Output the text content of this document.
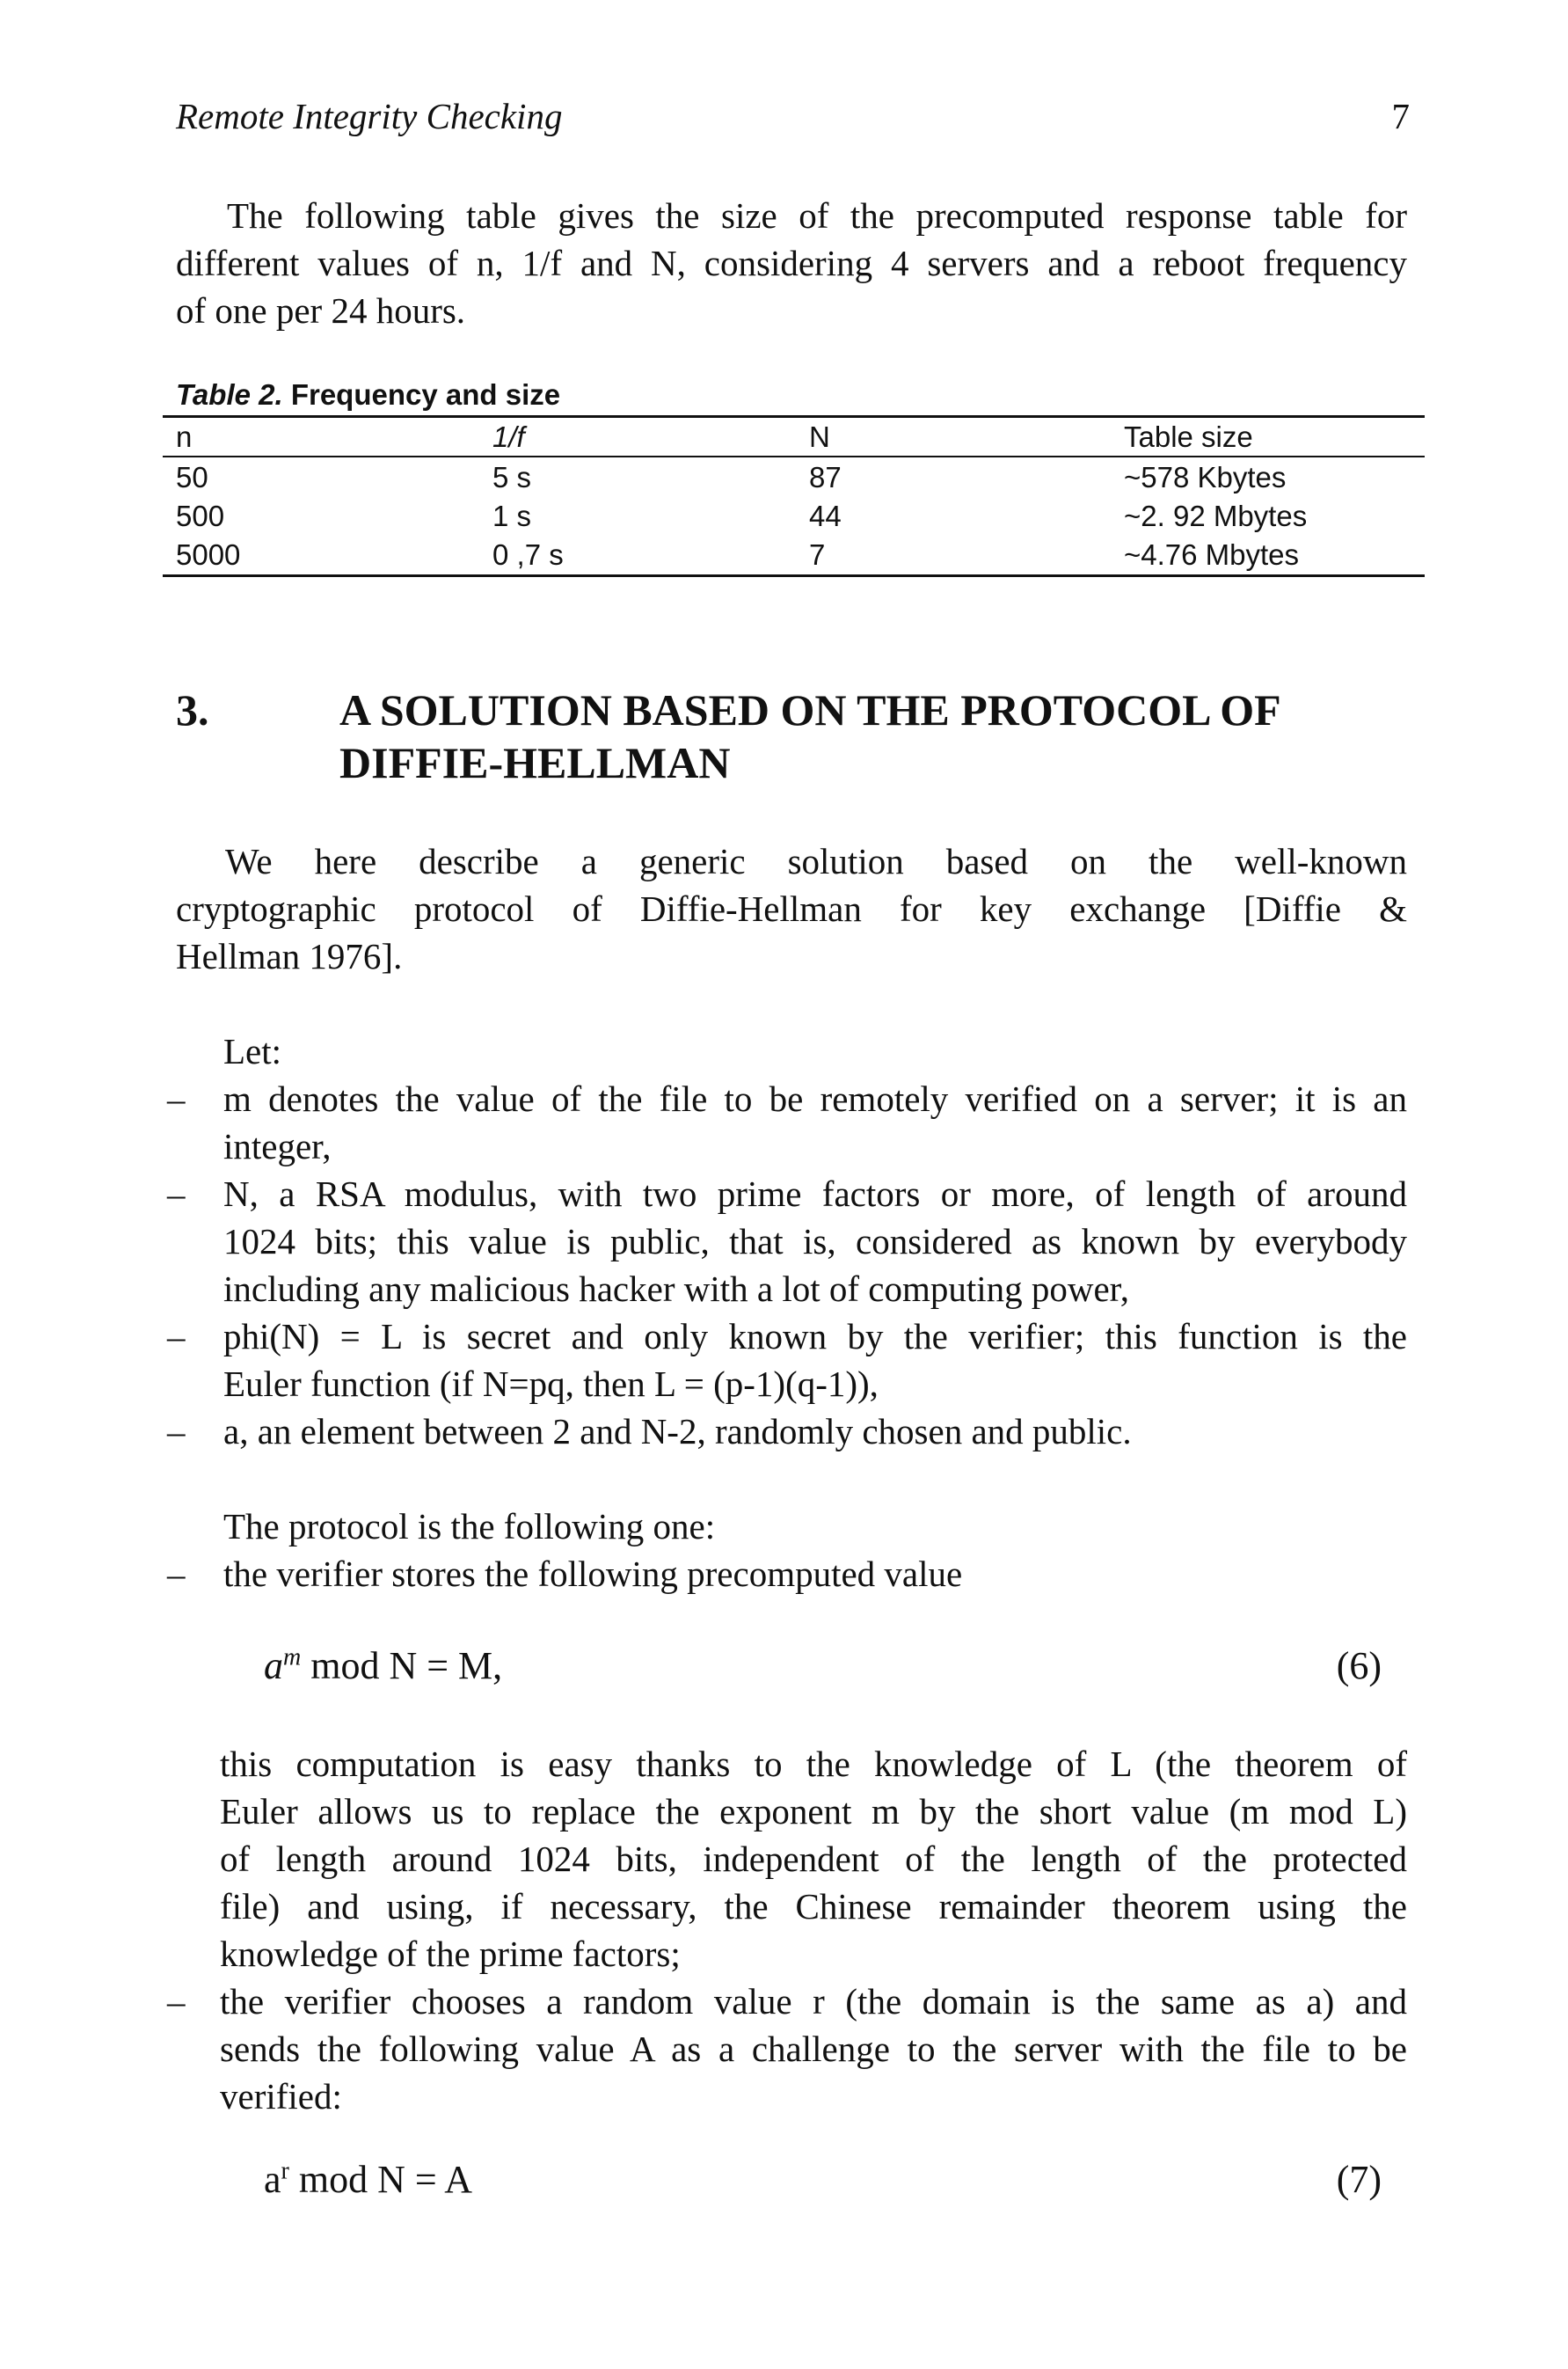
Remote Integrity Checking	7
The following table gives the size of the precomputed response table for
different values of n, 1/f and N, considering 4 servers and a reboot frequency
of one per 24 hours.
Table 2. Frequency and size
n	1/f	N	Table size
50	5 s	87	~578 Kbytes
500	1 s	44	~2. 92 Mbytes
5000	0 ,7 s	7	~4.76 Mbytes
3.	A SOLUTION BASED ON THE PROTOCOL OF
DIFFIE-HELLMAN
We here describe a generic solution based on the well-known
cryptographic protocol of Diffie-Hellman for key exchange [Diffie &
Hellman 1976].
Let:
– m denotes the value of the file to be remotely verified on a server; it is an
integer,
– N, a RSA modulus, with two prime factors or more, of length of around
1024 bits; this value is public, that is, considered as known by everybody
including any malicious hacker with a lot of computing power,
– phi(N) = L is secret and only known by the verifier; this function is the
Euler function (if N=pq, then L = (p-1)(q-1)),
– a, an element between 2 and N-2, randomly chosen and public.
The protocol is the following one:
– the verifier stores the following precomputed value
$a^m$ mod N = M,	(6)
this computation is easy thanks to the knowledge of L (the theorem of
Euler allows us to replace the exponent m by the short value (m mod L)
of length around 1024 bits, independent of the length of the protected
file) and using, if necessary, the Chinese remainder theorem using the
knowledge of the prime factors;
– the verifier chooses a random value r (the domain is the same as a) and
sends the following value A as a challenge to the server with the file to be
verified:
$a^r$ mod N = A	(7)
